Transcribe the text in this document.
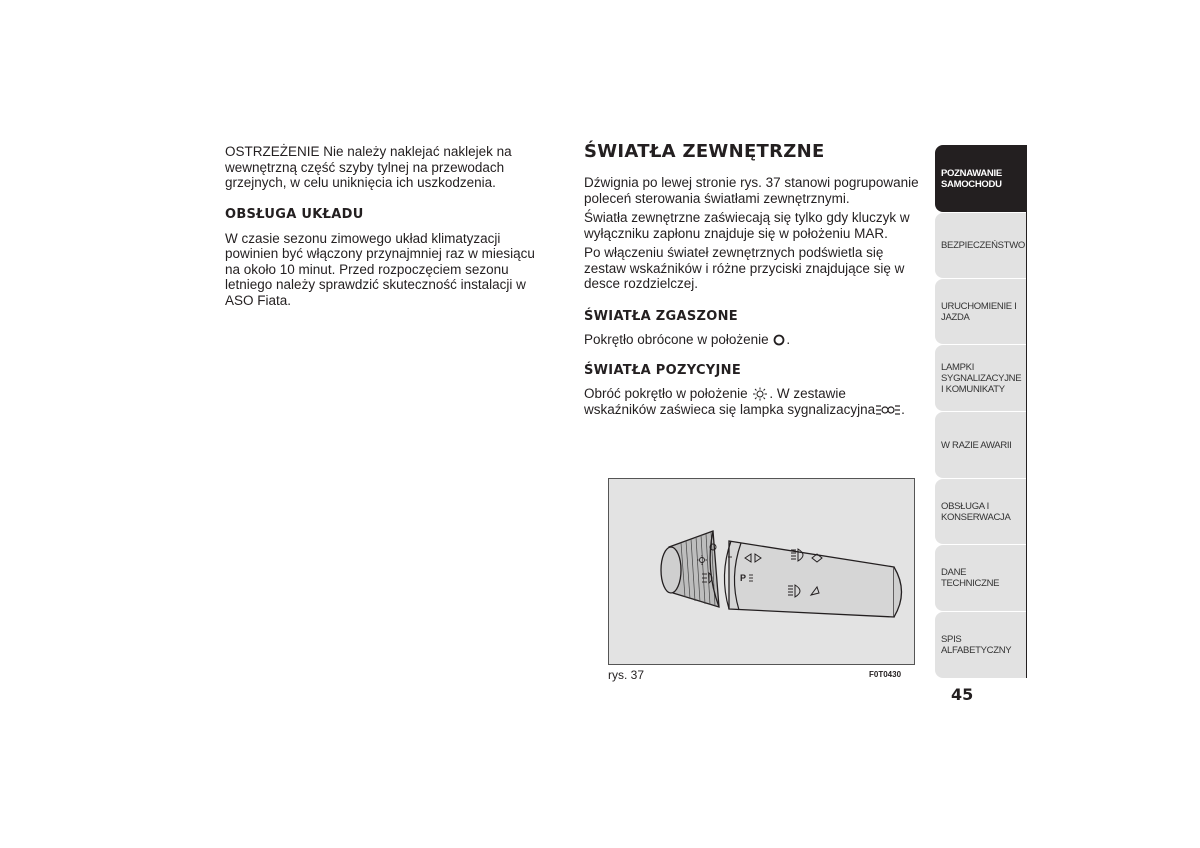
OSTRZEŻENIE Nie należy naklejać naklejek na wewnętrzną część szyby tylnej na przewodach grzejnych, w celu uniknięcia ich uszkodzenia.

OBSŁUGA UKŁADU

W czasie sezonu zimowego układ klimatyzacji powinien być włączony przynajmniej raz w miesiącu na około 10 minut. Przed rozpoczęciem sezonu letniego należy sprawdzić skuteczność instalacji w ASO Fiata.

ŚWIATŁA ZEWNĘTRZNE

Dźwignia po lewej stronie rys. 37 stanowi pogrupowanie poleceń sterowania światłami zewnętrznymi.

Światła zewnętrzne zaświecają się tylko gdy kluczyk w wyłączniku zapłonu znajduje się w położeniu MAR.

Po włączeniu świateł zewnętrznych podświetla się zestaw wskaźników i różne przyciski znajdujące się w desce rozdzielczej.

ŚWIATŁA ZGASZONE

Pokrętło obrócone w położenie .

ŚWIATŁA POZYCYJNE

Obróć pokrętło w położenie . W zestawie
wskaźników zaświeca się lampka sygnalizacyjna .

P
rys. 37	F0T0430
POZNAWANIE SAMOCHODU
BEZPIECZEŃSTWO
URUCHOMIENIE I JAZDA
LAMPKI SYGNALIZACYJNE I KOMUNIKATY
W RAZIE AWARII
OBSŁUGA I KONSERWACJA
DANE TECHNICZNE
SPIS ALFABETYCZNY
45
